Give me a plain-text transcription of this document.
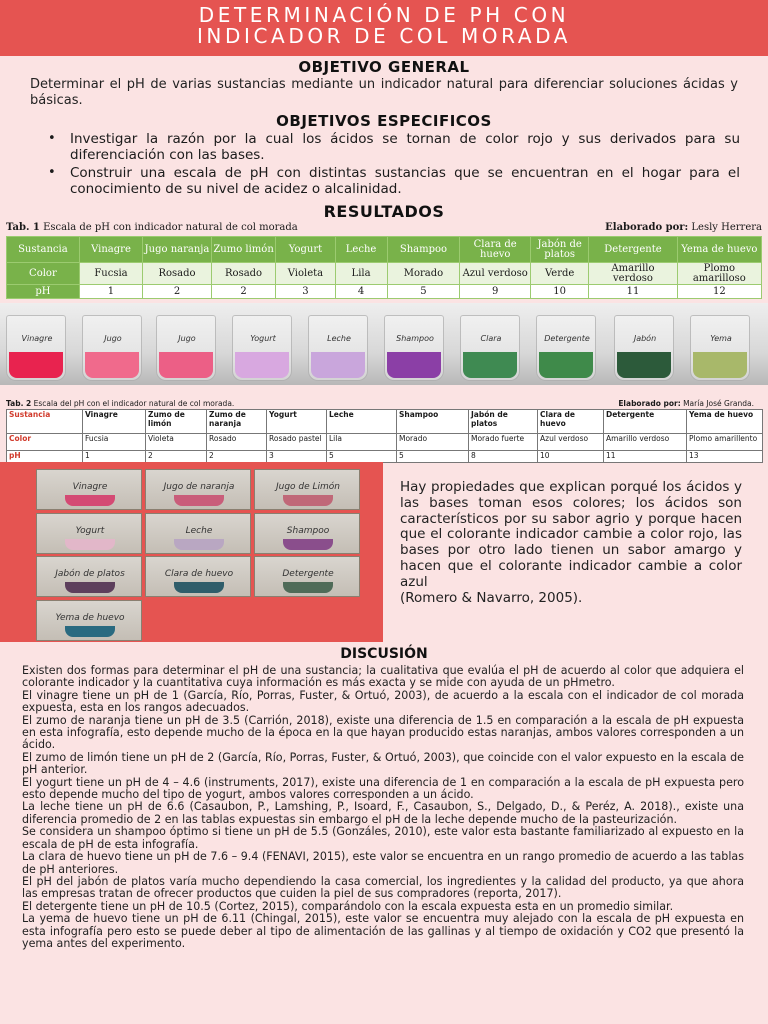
DETERMINACIÓN DE PH CON
INDICADOR DE COL MORADA
OBJETIVO GENERAL
Determinar el pH de varias sustancias mediante un indicador natural para diferenciar soluciones ácidas y básicas.
OBJETIVOS ESPECIFICOS
• Investigar la razón por la cual los ácidos se tornan de color rojo y sus derivados para su diferenciación con las bases.
• Construir una escala de pH con distintas sustancias que se encuentran en el hogar para el conocimiento de su nivel de acidez o alcalinidad.
RESULTADOS
Tab. 1 Escala de pH con indicador natural de col morada	Elaborado por: Lesly Herrera
Sustancia	Vinagre	Jugo naranja	Zumo limón	Yogurt	Leche	Shampoo	Clara de huevo	Jabón de platos	Detergente	Yema de huevo
Color	Fucsia	Rosado	Rosado	Violeta	Lila	Morado	Azul verdoso	Verde	Amarillo verdoso	Plomo amarilloso
pH	1	2	2	3	4	5	9	10	11	12
Vinagre	Jugo	Jugo	Yogurt	Leche	Shampoo	Clara	Detergente	Jabón	Yema
Tab. 2 Escala del pH con el indicador natural de col morada.	Elaborado por: María José Granda.
Sustancia	Vinagre	Zumo de limón	Zumo de naranja	Yogurt	Leche	Shampoo	Jabón de platos	Clara de huevo	Detergente	Yema de huevo
Color	Fucsia	Violeta	Rosado	Rosado pastel	Lila	Morado	Morado fuerte	Azul verdoso	Amarillo verdoso	Plomo amarillento
pH	1	2	2	3	5	5	8	10	11	13
Vinagre	Jugo de naranja	Jugo de Limón
Yogurt	Leche	Shampoo
Jabón de platos	Clara de huevo	Detergente
Yema de huevo
Hay propiedades que explican porqué los ácidos y las bases toman esos colores; los ácidos son característicos por su sabor agrio y porque hacen que el colorante indicador cambie a color rojo, las bases por otro lado tienen un sabor amargo y hacen que el colorante indicador cambie a color azul
(Romero & Navarro, 2005).
DISCUSIÓN
Existen dos formas para determinar el pH de una sustancia; la cualitativa que evalúa el pH de acuerdo al color que adquiera el colorante indicador y la cuantitativa cuya información es más exacta y se mide con ayuda de un pHmetro.
El vinagre tiene un pH de 1 (García, Río, Porras, Fuster, & Ortuó, 2003), de acuerdo a la escala con el indicador de col morada expuesta, esta en los rangos adecuados.
El zumo de naranja tiene un pH de 3.5 (Carrión, 2018), existe una diferencia de 1.5 en comparación a la escala de pH expuesta en esta infografía, esto depende mucho de la época en la que hayan producido estas naranjas, ambos valores corresponden a un ácido.
El zumo de limón tiene un pH de 2 (García, Río, Porras, Fuster, & Ortuó, 2003), que coincide con el valor expuesto en la escala de pH anterior.
El yogurt tiene un pH de 4 – 4.6 (instruments, 2017), existe una diferencia de 1 en comparación a la escala de pH expuesta pero esto depende mucho del tipo de yogurt, ambos valores corresponden a un ácido.
La leche tiene un pH de 6.6 (Casaubon, P., Lamshing, P., Isoard, F., Casaubon, S., Delgado, D., & Peréz, A. 2018)., existe una diferencia promedio de 2 en las tablas expuestas sin embargo el pH de la leche depende mucho de la pasteurización.
Se considera un shampoo óptimo si tiene un pH de 5.5 (Gonzáles, 2010), este valor esta bastante familiarizado al expuesto en la escala de pH de esta infografía.
La clara de huevo tiene un pH de 7.6 – 9.4 (FENAVI, 2015), este valor se encuentra en un rango promedio de acuerdo a las tablas de pH anteriores.
El pH del jabón de platos varía mucho dependiendo la casa comercial, los ingredientes y la calidad del producto, ya que ahora las empresas tratan de ofrecer productos que cuiden la piel de sus compradores (reporta, 2017).
El detergente tiene un pH de 10.5 (Cortez, 2015), comparándolo con la escala expuesta esta en un promedio similar.
La yema de huevo tiene un pH de 6.11 (Chingal, 2015), este valor se encuentra muy alejado con la escala de pH expuesta en esta infografía pero esto se puede deber al tipo de alimentación de las gallinas y al tiempo de oxidación y CO2 que presentó la yema antes del experimento.
